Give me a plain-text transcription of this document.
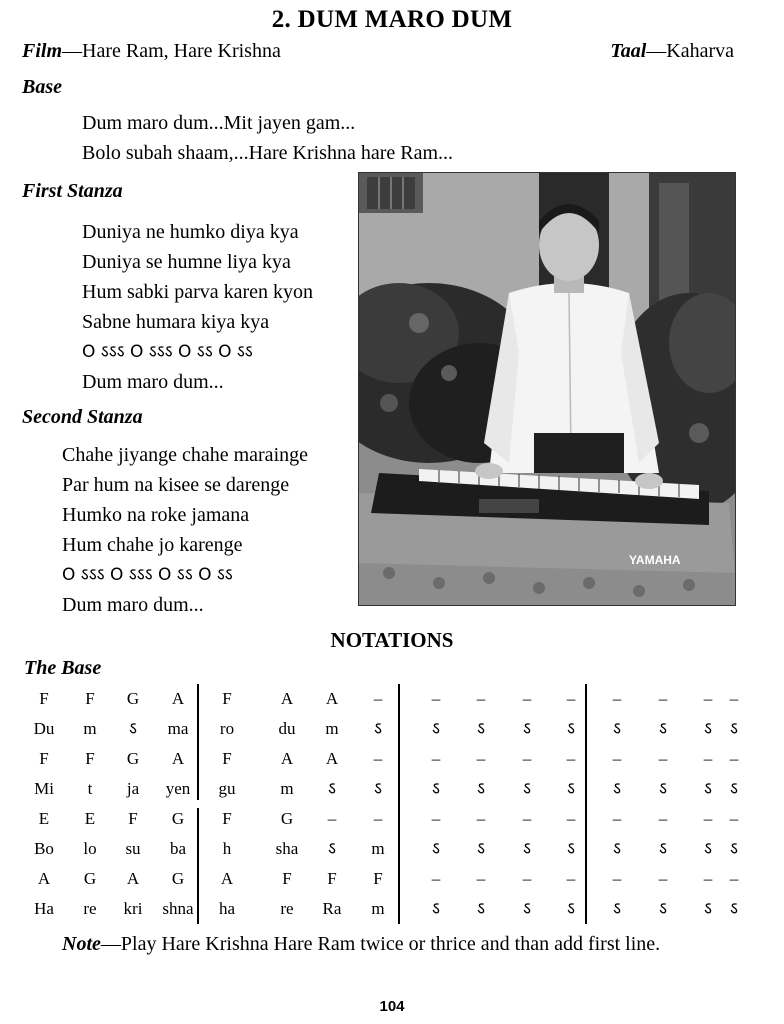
2. DUM MARO DUM
Film—Hare Ram, Hare Krishna	Taal—Kaharva
Base
Dum maro dum...Mit jayen gam...
Bolo subah shaam,...Hare Krishna hare Ram...
First Stanza
Duniya ne humko diya kya
Duniya se humne liya kya
Hum sabki parva karen kyon
Sabne humara kiya kya
O ऽऽऽ O ऽऽऽ O ऽऽ O ऽऽ
Dum maro dum...
Second Stanza
Chahe jiyange chahe marainge
Par hum na kisee se darenge
Humko na roke jamana
Hum chahe jo karenge
O ऽऽऽ O ऽऽऽ O ऽऽ O ऽऽ
Dum maro dum...
YAMAHA
NOTATIONS
The Base
F	F	G	A	F	A	A	–	–	–	–	–	–	–	–	–
Du	m	ऽ	ma	ro	du	m	ऽ	ऽ	ऽ	ऽ	ऽ	ऽ	ऽ	ऽ	ऽ
F	F	G	A	F	A	A	–	–	–	–	–	–	–	–	–
Mi	t	ja	yen	gu	m	ऽ	ऽ	ऽ	ऽ	ऽ	ऽ	ऽ	ऽ	ऽ	ऽ
E	E	F	G	F	G	–	–	–	–	–	–	–	–	–	–
Bo	lo	su	ba	h	sha	ऽ	m	ऽ	ऽ	ऽ	ऽ	ऽ	ऽ	ऽ	ऽ
A	G	A	G	A	F	F	F	–	–	–	–	–	–	–	–
Ha	re	kri	shna	ha	re	Ra	m	ऽ	ऽ	ऽ	ऽ	ऽ	ऽ	ऽ	ऽ
Note—Play Hare Krishna Hare Ram twice or thrice and than add first line.
104
